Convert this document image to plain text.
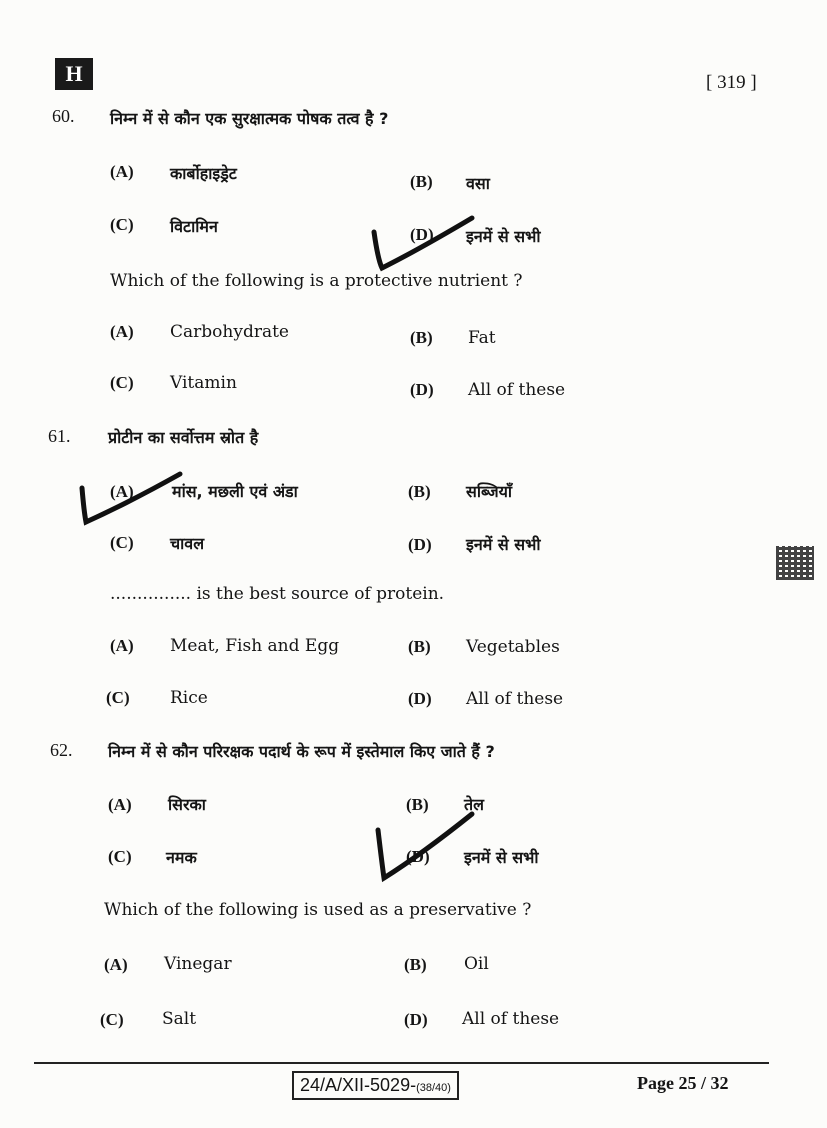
H	[ 319 ]
60. निम्न में से कौन एक सुरक्षात्मक पोषक तत्व है ?
(A) कार्बोहाइड्रेट	(B) वसा
(C) विटामिन	(D) इनमें से सभी
Which of the following is a protective nutrient ?
(A) Carbohydrate	(B) Fat
(C) Vitamin	(D) All of these
61. प्रोटीन का सर्वोत्तम स्रोत है
(A) मांस, मछली एवं अंडा	(B) सब्जियाँ
(C) चावल	(D) इनमें से सभी
............... is the best source of protein.
(A) Meat, Fish and Egg	(B) Vegetables
(C) Rice	(D) All of these
62. निम्न में से कौन परिरक्षक पदार्थ के रूप में इस्तेमाल किए जाते हैं ?
(A) सिरका	(B) तेल
(C) नमक	(D) इनमें से सभी
Which of the following is used as a preservative ?
(A) Vinegar	(B) Oil
(C) Salt	(D) All of these
24/A/XII-5029-(38/40)	Page 25 / 32
